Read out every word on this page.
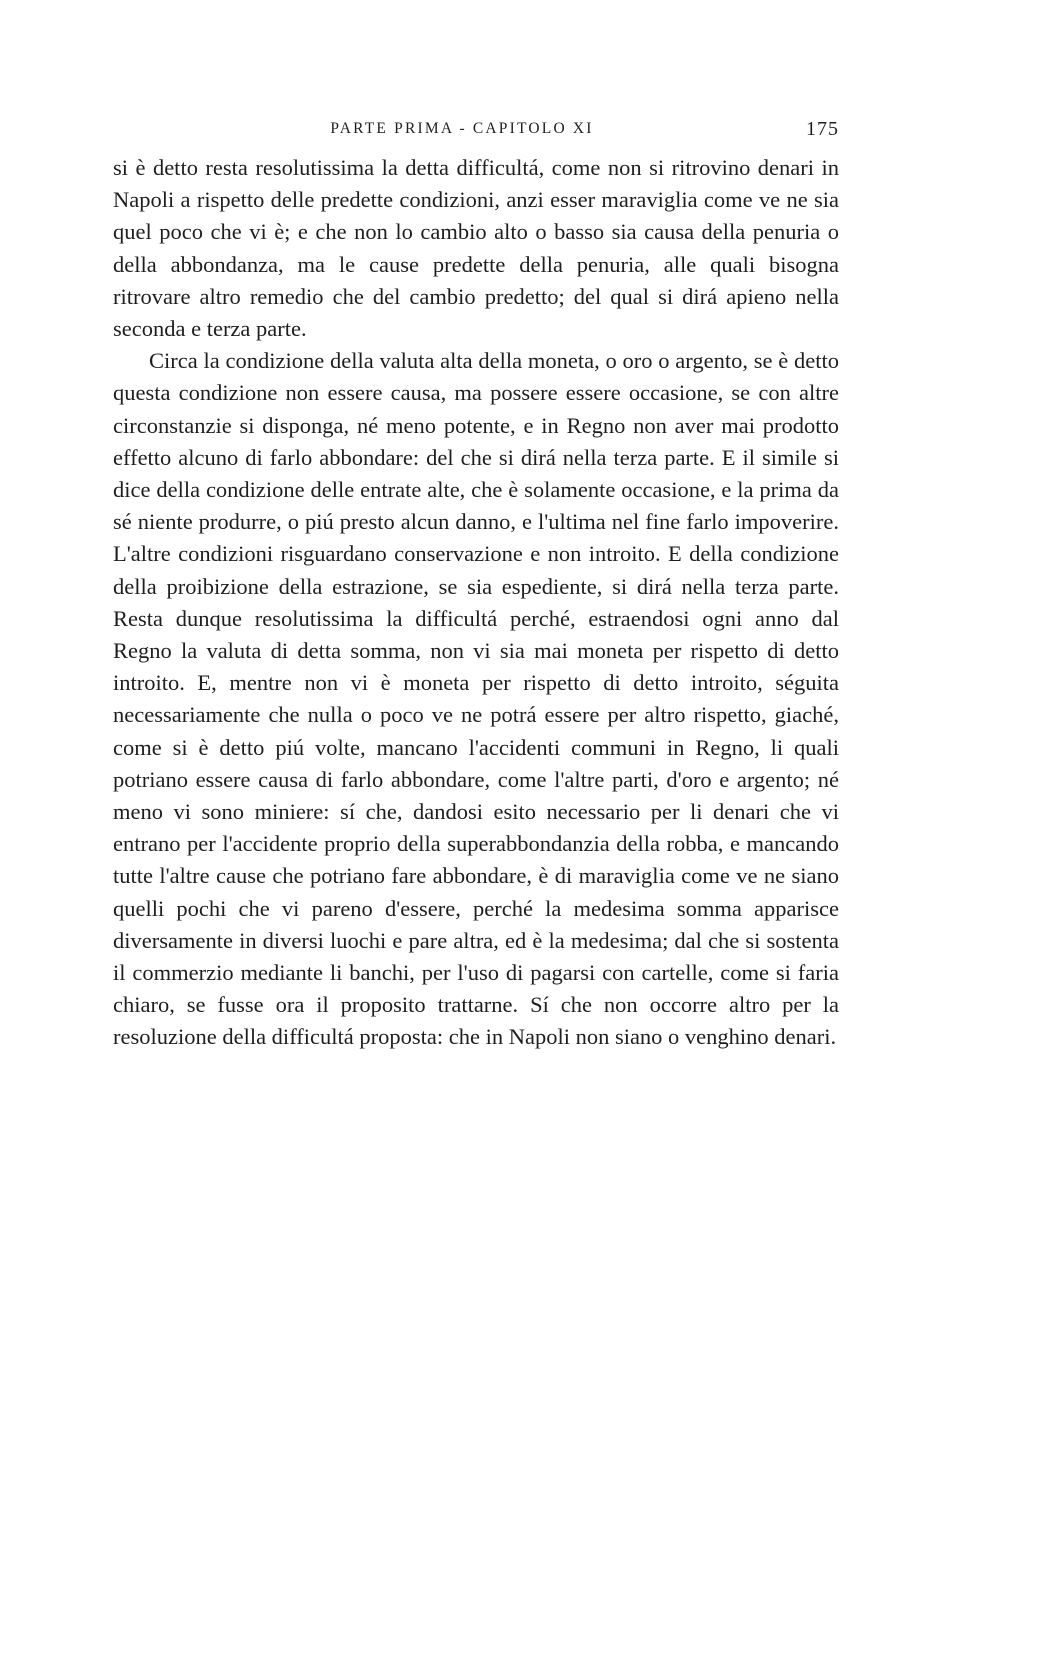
PARTE PRIMA - CAPITOLO XI	175

si è detto resta resolutissima la detta difficultá, come non si ritrovino denari in Napoli a rispetto delle predette condizioni, anzi esser maraviglia come ve ne sia quel poco che vi è; e che non lo cambio alto o basso sia causa della penuria o della abbondanza, ma le cause predette della penuria, alle quali bisogna ritrovare altro remedio che del cambio predetto; del qual si dirá apieno nella seconda e terza parte.

Circa la condizione della valuta alta della moneta, o oro o argento, se è detto questa condizione non essere causa, ma possere essere occasione, se con altre circonstanzie si disponga, né meno potente, e in Regno non aver mai prodotto effetto alcuno di farlo abbondare: del che si dirá nella terza parte. E il simile si dice della condizione delle entrate alte, che è solamente occasione, e la prima da sé niente produrre, o piú presto alcun danno, e l'ultima nel fine farlo impoverire. L'altre condizioni risguardano conservazione e non introito. E della condizione della proibizione della estrazione, se sia espediente, si dirá nella terza parte. Resta dunque resolutissima la difficultá perché, estraendosi ogni anno dal Regno la valuta di detta somma, non vi sia mai moneta per rispetto di detto introito. E, mentre non vi è moneta per rispetto di detto introito, séguita necessariamente che nulla o poco ve ne potrá essere per altro rispetto, giaché, come si è detto piú volte, mancano l'accidenti communi in Regno, li quali potriano essere causa di farlo abbondare, come l'altre parti, d'oro e argento; né meno vi sono miniere: sí che, dandosi esito necessario per li denari che vi entrano per l'accidente proprio della superabbondanzia della robba, e mancando tutte l'altre cause che potriano fare abbondare, è di maraviglia come ve ne siano quelli pochi che vi pareno d'essere, perché la medesima somma apparisce diversamente in diversi luochi e pare altra, ed è la medesima; dal che si sostenta il commerzio mediante li banchi, per l'uso di pagarsi con cartelle, come si faria chiaro, se fusse ora il proposito trattarne. Sí che non occorre altro per la resoluzione della difficultá proposta: che in Napoli non siano o venghino denari.
